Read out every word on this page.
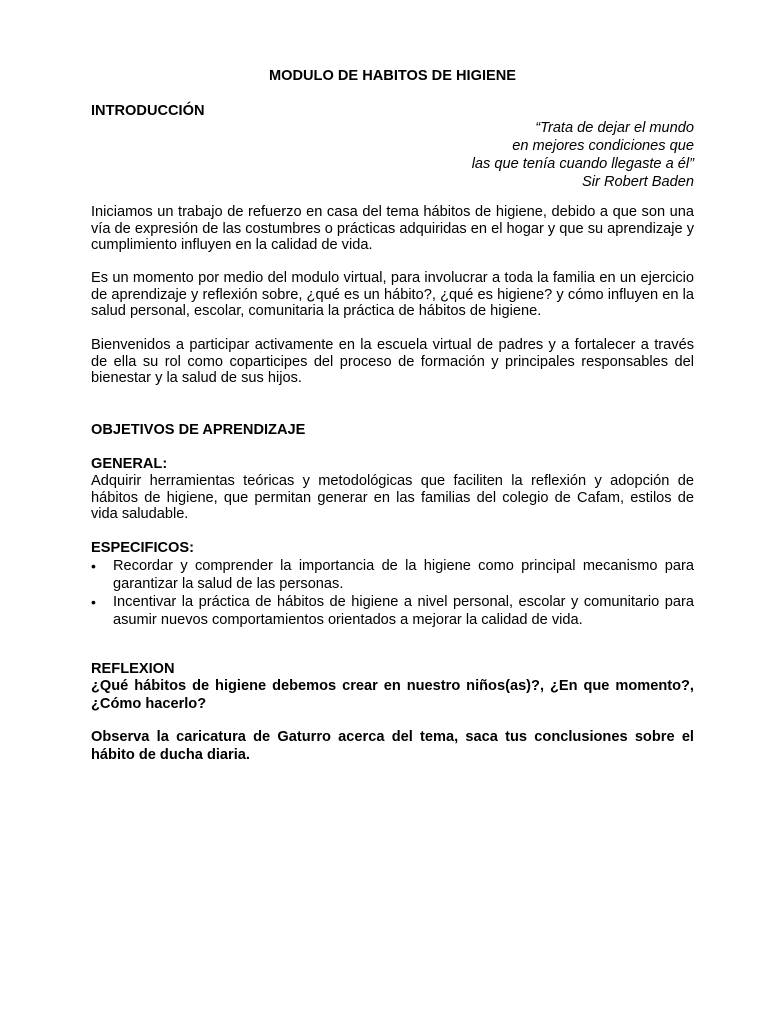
MODULO DE HABITOS DE HIGIENE
INTRODUCCIÓN
“Trata de dejar el mundo
en mejores condiciones que
las que tenía cuando llegaste a él”
Sir Robert Baden

Iniciamos un trabajo de refuerzo en casa del tema hábitos de higiene, debido a que son una vía de expresión de las costumbres o prácticas adquiridas en el hogar y que su aprendizaje y cumplimiento influyen en la calidad de vida.

Es un momento por medio del modulo virtual, para involucrar a toda la familia en un ejercicio de aprendizaje y reflexión sobre, ¿qué es un hábito?, ¿qué es higiene? y cómo influyen en la salud personal, escolar, comunitaria la práctica de hábitos de higiene.

Bienvenidos a participar activamente en la escuela virtual de padres y a fortalecer a través de ella su rol como coparticipes del proceso de formación y principales responsables del bienestar y la salud de sus hijos.

OBJETIVOS DE APRENDIZAJE
GENERAL:

Adquirir herramientas teóricas y metodológicas que faciliten la reflexión y adopción de hábitos de higiene, que permitan generar en las familias del colegio de Cafam, estilos de vida saludable.

ESPECIFICOS:
• Recordar y comprender la importancia de la higiene como principal mecanismo para garantizar la salud de las personas.
• Incentivar la práctica de hábitos de higiene a nivel personal, escolar y comunitario para asumir nuevos comportamientos orientados a mejorar la calidad de vida.
REFLEXION

¿Qué hábitos de higiene debemos crear en nuestro niños(as)?, ¿En que momento?, ¿Cómo hacerlo?

Observa la caricatura de Gaturro acerca del tema, saca tus conclusiones sobre el hábito de ducha diaria.
